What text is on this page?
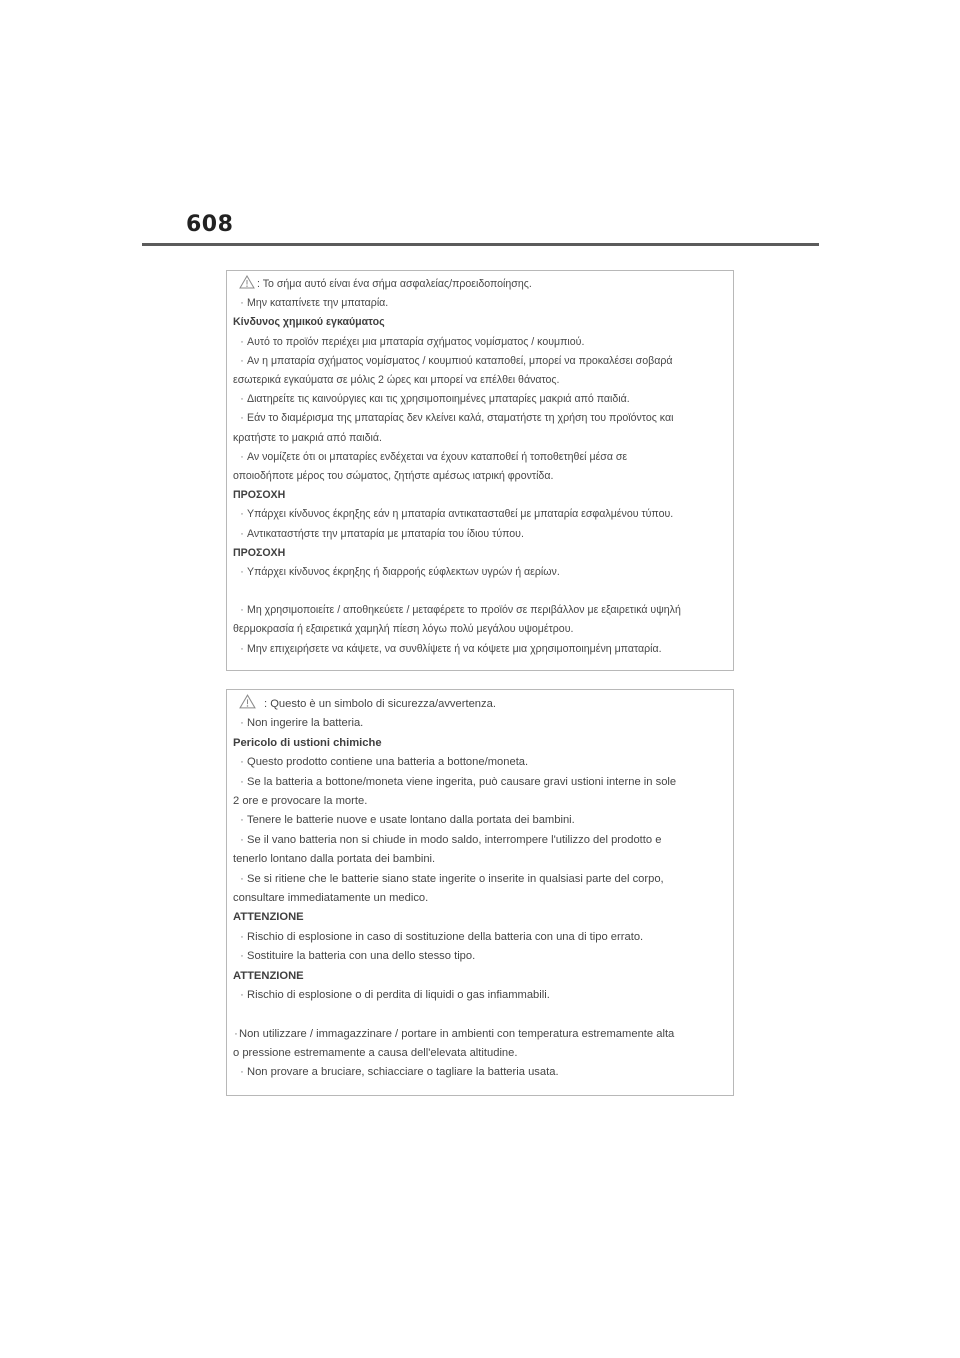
608
: Το σήμα αυτό είναι ένα σήμα ασφαλείας/προειδοποίησης.
· Μην καταπίνετε την μπαταρία.
Κίνδυνος χημικού εγκαύματος
· Αυτό το προϊόν περιέχει μια μπαταρία σχήματος νομίσματος / κουμπιού.
· Αν η μπαταρία σχήματος νομίσματος / κουμπιού καταποθεί, μπορεί να προκαλέσει σοβαρά
εσωτερικά εγκαύματα σε μόλις 2 ώρες και μπορεί να επέλθει θάνατος.
· Διατηρείτε τις καινούργιες και τις χρησιμοποιημένες μπαταρίες μακριά από παιδιά.
· Εάν το διαμέρισμα της μπαταρίας δεν κλείνει καλά, σταματήστε τη χρήση του προϊόντος και
κρατήστε το μακριά από παιδιά.
· Αν νομίζετε ότι οι μπαταρίες ενδέχεται να έχουν καταποθεί ή τοποθετηθεί μέσα σε
οποιοδήποτε μέρος του σώματος, ζητήστε αμέσως ιατρική φροντίδα.
ΠΡΟΣΟΧΗ
· Υπάρχει κίνδυνος έκρηξης εάν η μπαταρία αντικατασταθεί με μπαταρία εσφαλμένου τύπου.
· Αντικαταστήστε την μπαταρία με μπαταρία του ίδιου τύπου.
ΠΡΟΣΟΧΗ
· Υπάρχει κίνδυνος έκρηξης ή διαρροής εύφλεκτων υγρών ή αερίων.
· Μη χρησιμοποιείτε / αποθηκεύετε / μεταφέρετε το προϊόν σε περιβάλλον με εξαιρετικά υψηλή
θερμοκρασία ή εξαιρετικά χαμηλή πίεση λόγω πολύ μεγάλου υψομέτρου.
· Μην επιχειρήσετε να κάψετε, να συνθλίψετε ή να κόψετε μια χρησιμοποιημένη μπαταρία.
: Questo è un simbolo di sicurezza/avvertenza.
· Non ingerire la batteria.
Pericolo di ustioni chimiche
· Questo prodotto contiene una batteria a bottone/moneta.
· Se la batteria a bottone/moneta viene ingerita, può causare gravi ustioni interne in sole
2 ore e provocare la morte.
· Tenere le batterie nuove e usate lontano dalla portata dei bambini.
· Se il vano batteria non si chiude in modo saldo, interrompere l'utilizzo del prodotto e
tenerlo lontano dalla portata dei bambini.
· Se si ritiene che le batterie siano state ingerite o inserite in qualsiasi parte del corpo,
consultare immediatamente un medico.
ATTENZIONE
· Rischio di esplosione in caso di sostituzione della batteria con una di tipo errato.
· Sostituire la batteria con una dello stesso tipo.
ATTENZIONE
· Rischio di esplosione o di perdita di liquidi o gas infiammabili.
·Non utilizzare / immagazzinare / portare in ambienti con temperatura estremamente alta
o pressione estremamente a causa dell'elevata altitudine.
· Non provare a bruciare, schiacciare o tagliare la batteria usata.
